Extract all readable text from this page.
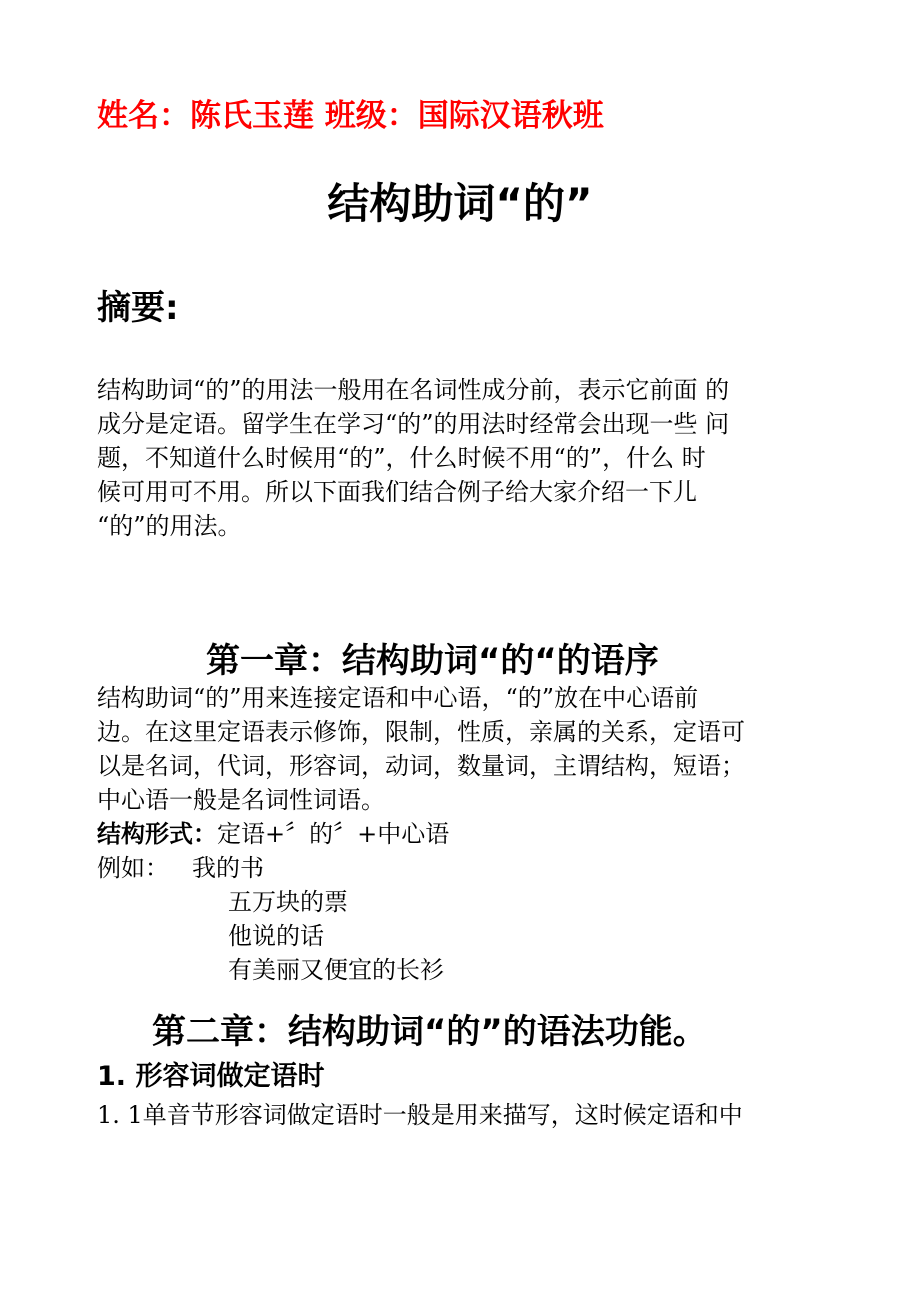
姓名：陈氏玉莲 班级：国际汉语秋班
结构助词“的”
摘要:
结构助词“的”的用法一般用在名词性成分前，表示它前面 的
成分是定语。留学生在学习“的”的用法时经常会出现一些 问
题，不知道什么时候用“的”，什么时候不用“的”，什么 时
候可用可不用。所以下面我们结合例子给大家介绍一下儿
“的”的用法。
第一章：结构助词“的“的语序
结构助词“的”用来连接定语和中心语，“的”放在中心语前
边。在这里定语表示修饰，限制，性质，亲属的关系，定语可
以是名词，代词，形容词，动词，数量词，主谓结构，短语；
中心语一般是名词性词语。
结构形式：定语+〞的〞+中心语
例如： 我的书
五万块的票
他说的话
有美丽又便宜的长衫
第二章：结构助词“的”的语法功能。
1. 形容词做定语时
1. 1单音节形容词做定语时一般是用来描写，这时候定语和中
